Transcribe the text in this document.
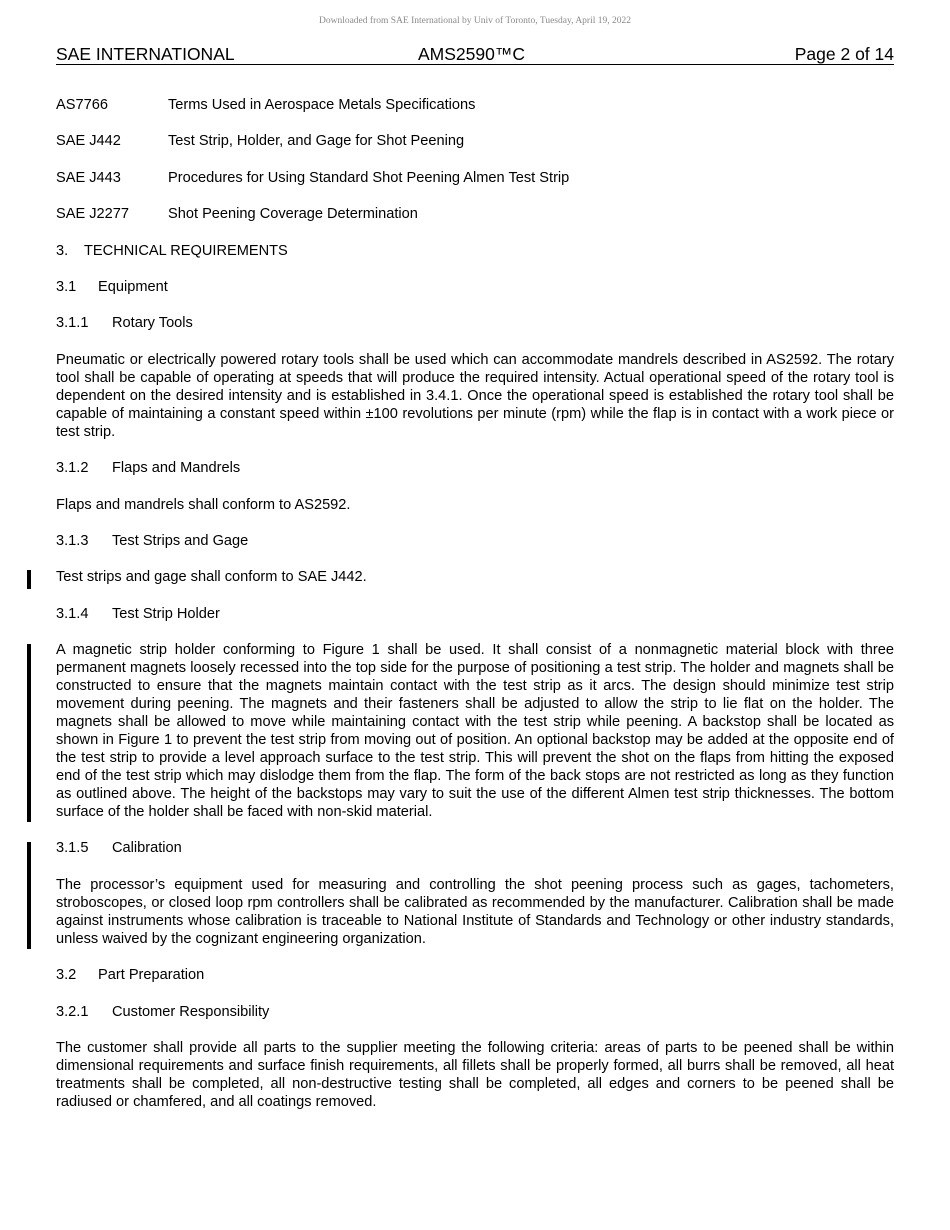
Downloaded from SAE International by Univ of Toronto, Tuesday, April 19, 2022
SAE INTERNATIONAL	AMS2590™C	Page 2 of 14
AS7766	Terms Used in Aerospace Metals Specifications
SAE J442	Test Strip, Holder, and Gage for Shot Peening
SAE J443	Procedures for Using Standard Shot Peening Almen Test Strip
SAE J2277	Shot Peening Coverage Determination
3. TECHNICAL REQUIREMENTS
3.1 Equipment
3.1.1 Rotary Tools

Pneumatic or electrically powered rotary tools shall be used which can accommodate mandrels described in AS2592. The rotary tool shall be capable of operating at speeds that will produce the required intensity. Actual operational speed of the rotary tool is dependent on the desired intensity and is established in 3.4.1. Once the operational speed is established the rotary tool shall be capable of maintaining a constant speed within ±100 revolutions per minute (rpm) while the flap is in contact with a work piece or test strip.

3.1.2 Flaps and Mandrels

Flaps and mandrels shall conform to AS2592.

3.1.3 Test Strips and Gage

Test strips and gage shall conform to SAE J442.

3.1.4 Test Strip Holder

A magnetic strip holder conforming to Figure 1 shall be used. It shall consist of a nonmagnetic material block with three permanent magnets loosely recessed into the top side for the purpose of positioning a test strip. The holder and magnets shall be constructed to ensure that the magnets maintain contact with the test strip as it arcs. The design should minimize test strip movement during peening. The magnets and their fasteners shall be adjusted to allow the strip to lie flat on the holder. The magnets shall be allowed to move while maintaining contact with the test strip while peening. A backstop shall be located as shown in Figure 1 to prevent the test strip from moving out of position. An optional backstop may be added at the opposite end of the test strip to provide a level approach surface to the test strip. This will prevent the shot on the flaps from hitting the exposed end of the test strip which may dislodge them from the flap. The form of the back stops are not restricted as long as they function as outlined above. The height of the backstops may vary to suit the use of the different Almen test strip thicknesses. The bottom surface of the holder shall be faced with non-skid material.

3.1.5 Calibration

The processor’s equipment used for measuring and controlling the shot peening process such as gages, tachometers, stroboscopes, or closed loop rpm controllers shall be calibrated as recommended by the manufacturer. Calibration shall be made against instruments whose calibration is traceable to National Institute of Standards and Technology or other industry standards, unless waived by the cognizant engineering organization.

3.2 Part Preparation
3.2.1 Customer Responsibility

The customer shall provide all parts to the supplier meeting the following criteria: areas of parts to be peened shall be within dimensional requirements and surface finish requirements, all fillets shall be properly formed, all burrs shall be removed, all heat treatments shall be completed, all non-destructive testing shall be completed, all edges and corners to be peened shall be radiused or chamfered, and all coatings removed.
